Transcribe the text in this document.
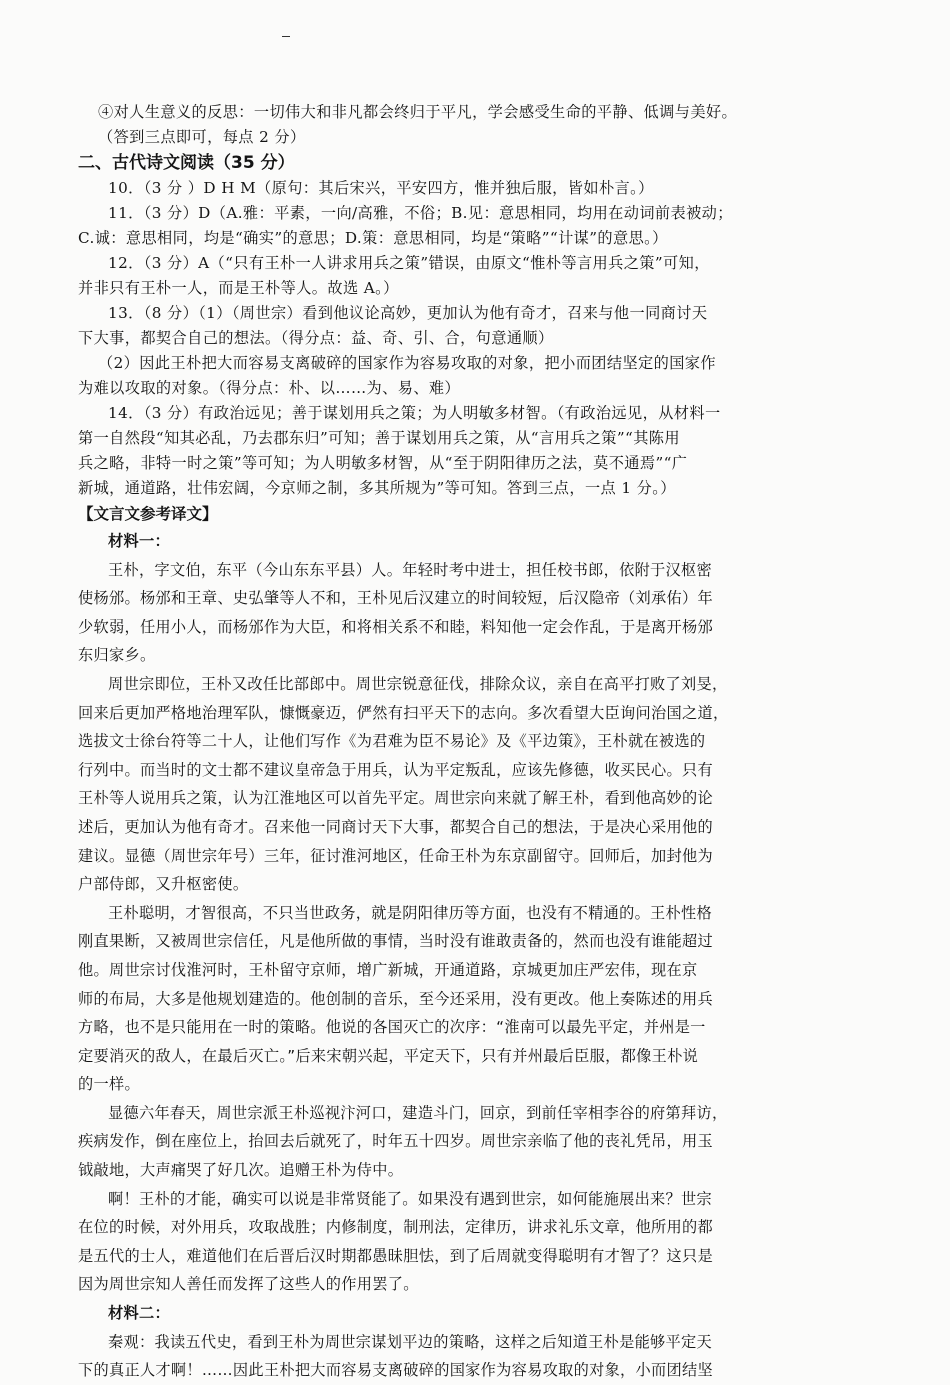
④对人生意义的反思：一切伟大和非凡都会终归于平凡，学会感受生命的平静、低调与美好。

（答到三点即可，每点 2 分）

二、古代诗文阅读（35 分）

10．（3 分 ）D H M（原句：其后宋兴，平安四方，惟并独后服，皆如朴言。）

11．（3 分）D（A.雅：平素，一向/高雅，不俗；B.见：意思相同，均用在动词前表被动；

C.诚：意思相同，均是“确实”的意思；D.策：意思相同，均是“策略”“计谋”的意思。）

12．（3 分）A（“只有王朴一人讲求用兵之策”错误，由原文“惟朴等言用兵之策”可知，

并非只有王朴一人，而是王朴等人。故选 A。）

13．（8 分）（1）（周世宗）看到他议论高妙，更加认为他有奇才，召来与他一同商讨天

下大事，都契合自己的想法。（得分点：益、奇、引、合，句意通顺）

（2）因此王朴把大而容易支离破碎的国家作为容易攻取的对象，把小而团结坚定的国家作

为难以攻取的对象。（得分点：朴、以……为、易、难）

14．（3 分）有政治远见；善于谋划用兵之策；为人明敏多材智。（有政治远见，从材料一

第一自然段“知其必乱，乃去郡东归”可知；善于谋划用兵之策，从“言用兵之策”“其陈用

兵之略，非特一时之策”等可知；为人明敏多材智，从“至于阴阳律历之法，莫不通焉”“广

新城，通道路，壮伟宏阔，今京师之制，多其所规为”等可知。答到三点，一点 1 分。）

【文言文参考译文】

材料一：

王朴，字文伯，东平（今山东东平县）人。年轻时考中进士，担任校书郎，依附于汉枢密

使杨邠。杨邠和王章、史弘肇等人不和，王朴见后汉建立的时间较短，后汉隐帝（刘承佑）年

少软弱，任用小人，而杨邠作为大臣，和将相关系不和睦，料知他一定会作乱，于是离开杨邠

东归家乡。

周世宗即位，王朴又改任比部郎中。周世宗锐意征伐，排除众议，亲自在高平打败了刘旻，

回来后更加严格地治理军队，慷慨豪迈，俨然有扫平天下的志向。多次看望大臣询问治国之道，

选拔文士徐台符等二十人，让他们写作《为君难为臣不易论》及《平边策》，王朴就在被选的

行列中。而当时的文士都不建议皇帝急于用兵，认为平定叛乱，应该先修德，收买民心。只有

王朴等人说用兵之策，认为江淮地区可以首先平定。周世宗向来就了解王朴，看到他高妙的论

述后，更加认为他有奇才。召来他一同商讨天下大事，都契合自己的想法，于是决心采用他的

建议。显德（周世宗年号）三年，征讨淮河地区，任命王朴为东京副留守。回师后，加封他为

户部侍郎，又升枢密使。

王朴聪明，才智很高，不只当世政务，就是阴阳律历等方面，也没有不精通的。王朴性格

刚直果断，又被周世宗信任，凡是他所做的事情，当时没有谁敢责备的，然而也没有谁能超过

他。周世宗讨伐淮河时，王朴留守京师，增广新城，开通道路，京城更加庄严宏伟，现在京

师的布局，大多是他规划建造的。他创制的音乐，至今还采用，没有更改。他上奏陈述的用兵

方略，也不是只能用在一时的策略。他说的各国灭亡的次序：“淮南可以最先平定，并州是一

定要消灭的敌人，在最后灭亡。”后来宋朝兴起，平定天下，只有并州最后臣服，都像王朴说

的一样。

显德六年春天，周世宗派王朴巡视汴河口，建造斗门，回京，到前任宰相李谷的府第拜访，

疾病发作，倒在座位上，抬回去后就死了，时年五十四岁。周世宗亲临了他的丧礼凭吊，用玉

钺敲地，大声痛哭了好几次。追赠王朴为侍中。

啊！王朴的才能，确实可以说是非常贤能了。如果没有遇到世宗，如何能施展出来？世宗

在位的时候，对外用兵，攻取战胜；内修制度，制刑法，定律历，讲求礼乐文章，他所用的都

是五代的士人，难道他们在后晋后汉时期都愚昧胆怯，到了后周就变得聪明有才智了？这只是

因为周世宗知人善任而发挥了这些人的作用罢了。

材料二：

秦观：我读五代史，看到王朴为周世宗谋划平边的策略，这样之后知道王朴是能够平定天

下的真正人才啊！……因此王朴把大而容易支离破碎的国家作为容易攻取的对象，小而团结坚
